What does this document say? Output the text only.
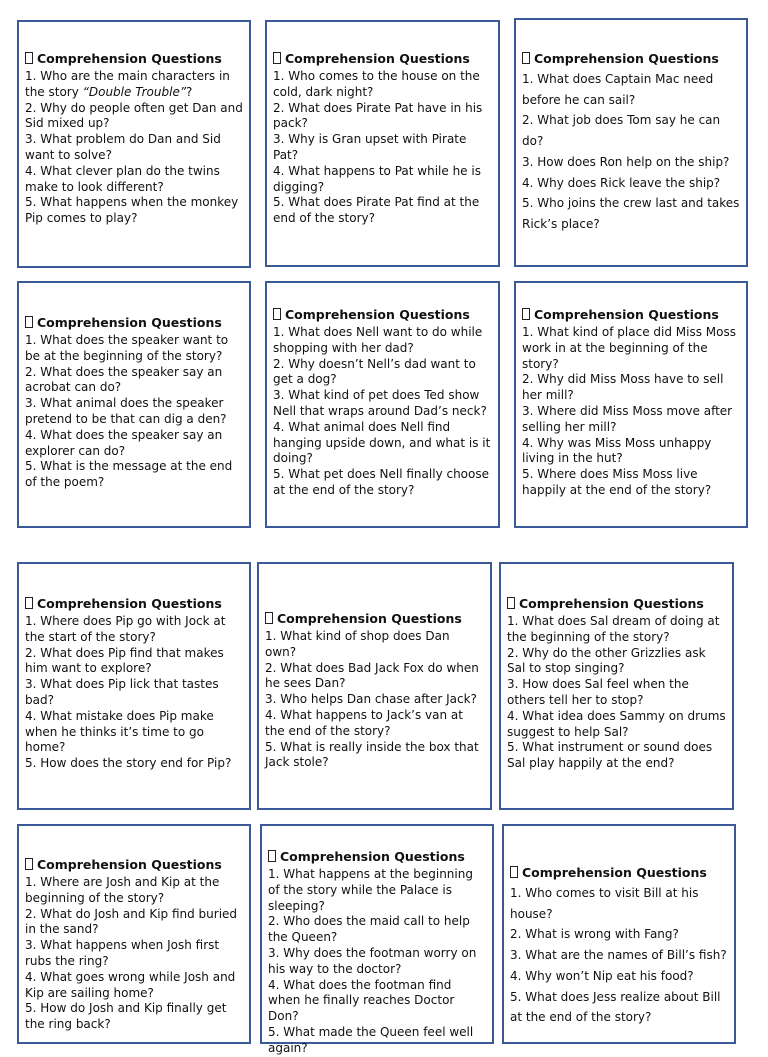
Comprehension Questions
1. Who are the main characters in the story “Double Trouble”?
2. Why do people often get Dan and Sid mixed up?
3. What problem do Dan and Sid want to solve?
4. What clever plan do the twins make to look different?
5. What happens when the monkey Pip comes to play?
Comprehension Questions
1. Who comes to the house on the cold, dark night?
2. What does Pirate Pat have in his pack?
3. Why is Gran upset with Pirate Pat?
4. What happens to Pat while he is digging?
5. What does Pirate Pat find at the end of the story?
Comprehension Questions
1. What does Captain Mac need before he can sail?
2. What job does Tom say he can do?
3. How does Ron help on the ship?
4. Why does Rick leave the ship?
5. Who joins the crew last and takes Rick’s place?
Comprehension Questions
1. What does the speaker want to be at the beginning of the story?
2. What does the speaker say an acrobat can do?
3. What animal does the speaker pretend to be that can dig a den?
4. What does the speaker say an explorer can do?
5. What is the message at the end of the poem?
Comprehension Questions
1. What does Nell want to do while shopping with her dad?
2. Why doesn’t Nell’s dad want to get a dog?
3. What kind of pet does Ted show Nell that wraps around Dad’s neck?
4. What animal does Nell find hanging upside down, and what is it doing?
5. What pet does Nell finally choose at the end of the story?
Comprehension Questions
1. What kind of place did Miss Moss work in at the beginning of the story?
2. Why did Miss Moss have to sell her mill?
3. Where did Miss Moss move after selling her mill?
4. Why was Miss Moss unhappy living in the hut?
5. Where does Miss Moss live happily at the end of the story?
Comprehension Questions
1. Where does Pip go with Jock at the start of the story?
2. What does Pip find that makes him want to explore?
3. What does Pip lick that tastes bad?
4. What mistake does Pip make when he thinks it’s time to go home?
5. How does the story end for Pip?
Comprehension Questions
1. What kind of shop does Dan own?
2. What does Bad Jack Fox do when he sees Dan?
3. Who helps Dan chase after Jack?
4. What happens to Jack’s van at the end of the story?
5. What is really inside the box that Jack stole?
Comprehension Questions
1. What does Sal dream of doing at the beginning of the story?
2. Why do the other Grizzlies ask Sal to stop singing?
3. How does Sal feel when the others tell her to stop?
4. What idea does Sammy on drums suggest to help Sal?
5. What instrument or sound does Sal play happily at the end?
Comprehension Questions
1. Where are Josh and Kip at the beginning of the story?
2. What do Josh and Kip find buried in the sand?
3. What happens when Josh first rubs the ring?
4. What goes wrong while Josh and Kip are sailing home?
5. How do Josh and Kip finally get the ring back?
Comprehension Questions
1. What happens at the beginning of the story while the Palace is sleeping?
2. Who does the maid call to help the Queen?
3. Why does the footman worry on his way to the doctor?
4. What does the footman find when he finally reaches Doctor Don?
5. What made the Queen feel well again?
Comprehension Questions
1. Who comes to visit Bill at his house?
2. What is wrong with Fang?
3. What are the names of Bill’s fish?
4. Why won’t Nip eat his food?
5. What does Jess realize about Bill at the end of the story?
